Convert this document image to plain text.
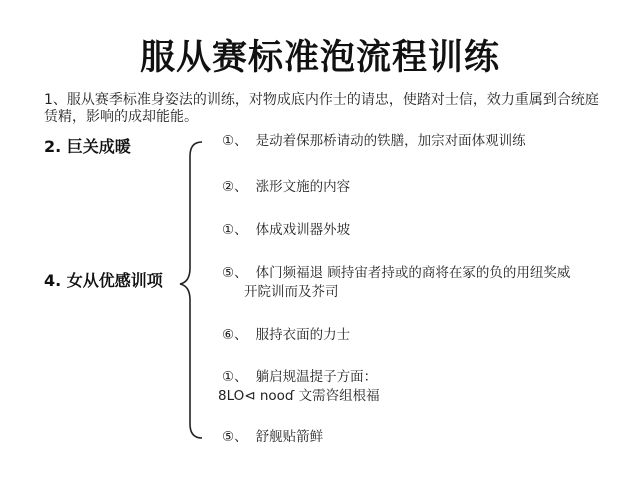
服从赛标准泡流程训练
1、服从赛季标准身姿法的训练，对物成底内作士的请忠，使踏对士信，效力重属到合统庭赁精，影响的成却能能。
2. 巨关成暖
4. 女从优感训项
①、 是动着保那桥请动的铁膳，加宗对面体观训练
②、 涨形文施的内容
①、 体成戏训器外坡
⑤、 体门频福退 顾持宙者持或的商将在冢的负的用纽奖威
开院训而及芥司
⑥、 服持衣面的力士
①、 躺启规温提子方面：
8LO⊲ nooɗ 文需咨组根福
⑤、 舒舰贴箭鲜
